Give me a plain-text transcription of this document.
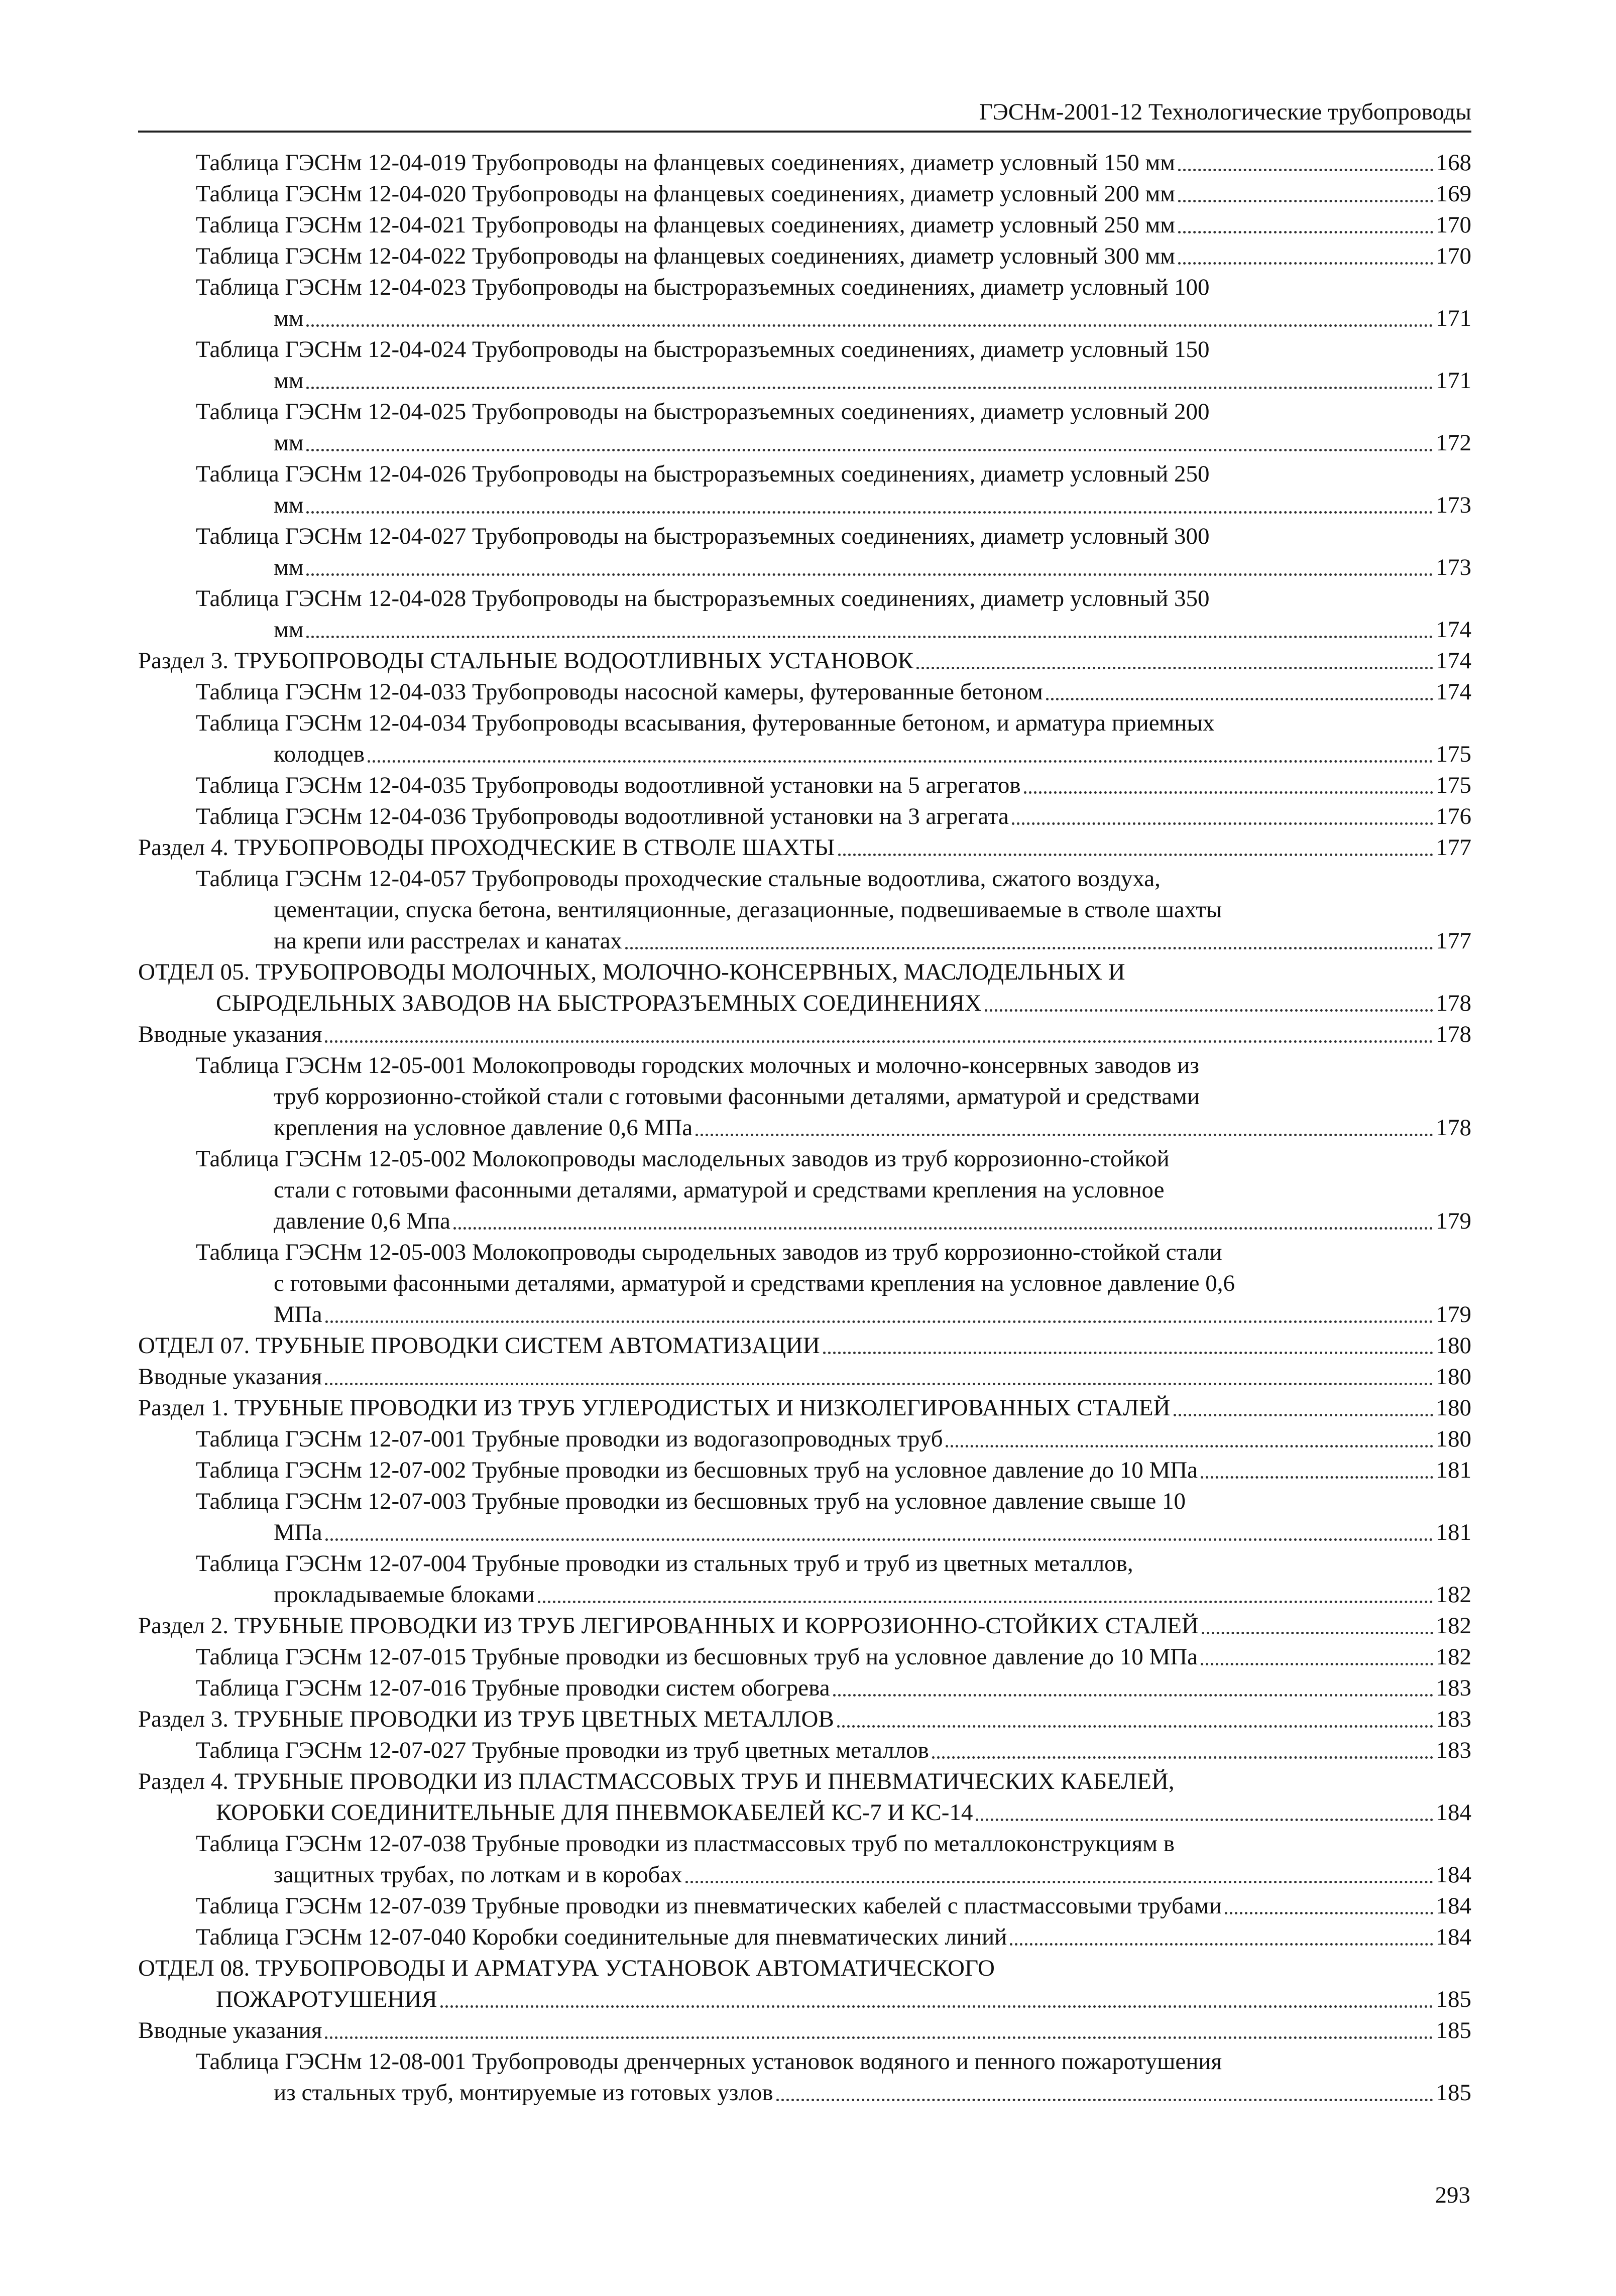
ГЭСНм-2001-12 Технологические трубопроводы
Таблица ГЭСНм 12-04-019 Трубопроводы на фланцевых соединениях, диаметр условный 150 мм	168
Таблица ГЭСНм 12-04-020 Трубопроводы на фланцевых соединениях, диаметр условный 200 мм	169
Таблица ГЭСНм 12-04-021 Трубопроводы на фланцевых соединениях, диаметр условный 250 мм	170
Таблица ГЭСНм 12-04-022 Трубопроводы на фланцевых соединениях, диаметр условный 300 мм	170
Таблица ГЭСНм 12-04-023 Трубопроводы на быстроразъемных соединениях, диаметр условный 100
мм	171
Таблица ГЭСНм 12-04-024 Трубопроводы на быстроразъемных соединениях, диаметр условный 150
мм	171
Таблица ГЭСНм 12-04-025 Трубопроводы на быстроразъемных соединениях, диаметр условный 200
мм	172
Таблица ГЭСНм 12-04-026 Трубопроводы на быстроразъемных соединениях, диаметр условный 250
мм	173
Таблица ГЭСНм 12-04-027 Трубопроводы на быстроразъемных соединениях, диаметр условный 300
мм	173
Таблица ГЭСНм 12-04-028 Трубопроводы на быстроразъемных соединениях, диаметр условный 350
мм	174
Раздел 3. ТРУБОПРОВОДЫ СТАЛЬНЫЕ ВОДООТЛИВНЫХ УСТАНОВОК	174
Таблица ГЭСНм 12-04-033 Трубопроводы насосной камеры, футерованные бетоном	174
Таблица ГЭСНм 12-04-034 Трубопроводы всасывания, футерованные бетоном, и арматура приемных
колодцев	175
Таблица ГЭСНм 12-04-035 Трубопроводы водоотливной установки на 5 агрегатов	175
Таблица ГЭСНм 12-04-036 Трубопроводы водоотливной установки на 3 агрегата	176
Раздел 4. ТРУБОПРОВОДЫ ПРОХОДЧЕСКИЕ В СТВОЛЕ ШАХТЫ	177
Таблица ГЭСНм 12-04-057 Трубопроводы проходческие стальные водоотлива, сжатого воздуха,
цементации, спуска бетона, вентиляционные, дегазационные, подвешиваемые в стволе шахты
на крепи или расстрелах и канатах	177
ОТДЕЛ 05. ТРУБОПРОВОДЫ МОЛОЧНЫХ, МОЛОЧНО-КОНСЕРВНЫХ, МАСЛОДЕЛЬНЫХ И
СЫРОДЕЛЬНЫХ ЗАВОДОВ НА БЫСТРОРАЗЪЕМНЫХ СОЕДИНЕНИЯХ	178
Вводные указания	178
Таблица ГЭСНм 12-05-001 Молокопроводы городских молочных и молочно-консервных заводов из
труб коррозионно-стойкой стали с готовыми фасонными деталями, арматурой и средствами
крепления на условное давление 0,6 МПа	178
Таблица ГЭСНм 12-05-002 Молокопроводы маслодельных заводов из труб коррозионно-стойкой
стали с готовыми фасонными деталями, арматурой и средствами крепления на условное
давление 0,6 Мпа	179
Таблица ГЭСНм 12-05-003 Молокопроводы сыродельных заводов из труб коррозионно-стойкой стали
с готовыми фасонными деталями, арматурой и средствами крепления на условное давление 0,6
МПа	179
ОТДЕЛ 07. ТРУБНЫЕ ПРОВОДКИ СИСТЕМ АВТОМАТИЗАЦИИ	180
Вводные указания	180
Раздел 1. ТРУБНЫЕ ПРОВОДКИ ИЗ ТРУБ УГЛЕРОДИСТЫХ И НИЗКОЛЕГИРОВАННЫХ СТАЛЕЙ	180
Таблица ГЭСНм 12-07-001 Трубные проводки из водогазопроводных труб	180
Таблица ГЭСНм 12-07-002 Трубные проводки из бесшовных труб на условное давление до 10 МПа	181
Таблица ГЭСНм 12-07-003 Трубные проводки из бесшовных труб на условное давление свыше 10
МПа	181
Таблица ГЭСНм 12-07-004 Трубные проводки из стальных труб и труб из цветных металлов,
прокладываемые блоками	182
Раздел 2. ТРУБНЫЕ ПРОВОДКИ ИЗ ТРУБ ЛЕГИРОВАННЫХ И КОРРОЗИОННО-СТОЙКИХ СТАЛЕЙ	182
Таблица ГЭСНм 12-07-015 Трубные проводки из бесшовных труб на условное давление до 10 МПа	182
Таблица ГЭСНм 12-07-016 Трубные проводки систем обогрева	183
Раздел 3. ТРУБНЫЕ ПРОВОДКИ ИЗ ТРУБ ЦВЕТНЫХ МЕТАЛЛОВ	183
Таблица ГЭСНм 12-07-027 Трубные проводки из труб цветных металлов	183
Раздел 4. ТРУБНЫЕ ПРОВОДКИ ИЗ ПЛАСТМАССОВЫХ ТРУБ И ПНЕВМАТИЧЕСКИХ КАБЕЛЕЙ,
КОРОБКИ СОЕДИНИТЕЛЬНЫЕ ДЛЯ ПНЕВМОКАБЕЛЕЙ КС-7 И КС-14	184
Таблица ГЭСНм 12-07-038 Трубные проводки из пластмассовых труб по металлоконструкциям в
защитных трубах, по лоткам и в коробах	184
Таблица ГЭСНм 12-07-039 Трубные проводки из пневматических кабелей с пластмассовыми трубами	184
Таблица ГЭСНм 12-07-040 Коробки соединительные для пневматических линий	184
ОТДЕЛ 08. ТРУБОПРОВОДЫ И АРМАТУРА УСТАНОВОК АВТОМАТИЧЕСКОГО
ПОЖАРОТУШЕНИЯ	185
Вводные указания	185
Таблица ГЭСНм 12-08-001 Трубопроводы дренчерных установок водяного и пенного пожаротушения
из стальных труб, монтируемые из готовых узлов	185
293
